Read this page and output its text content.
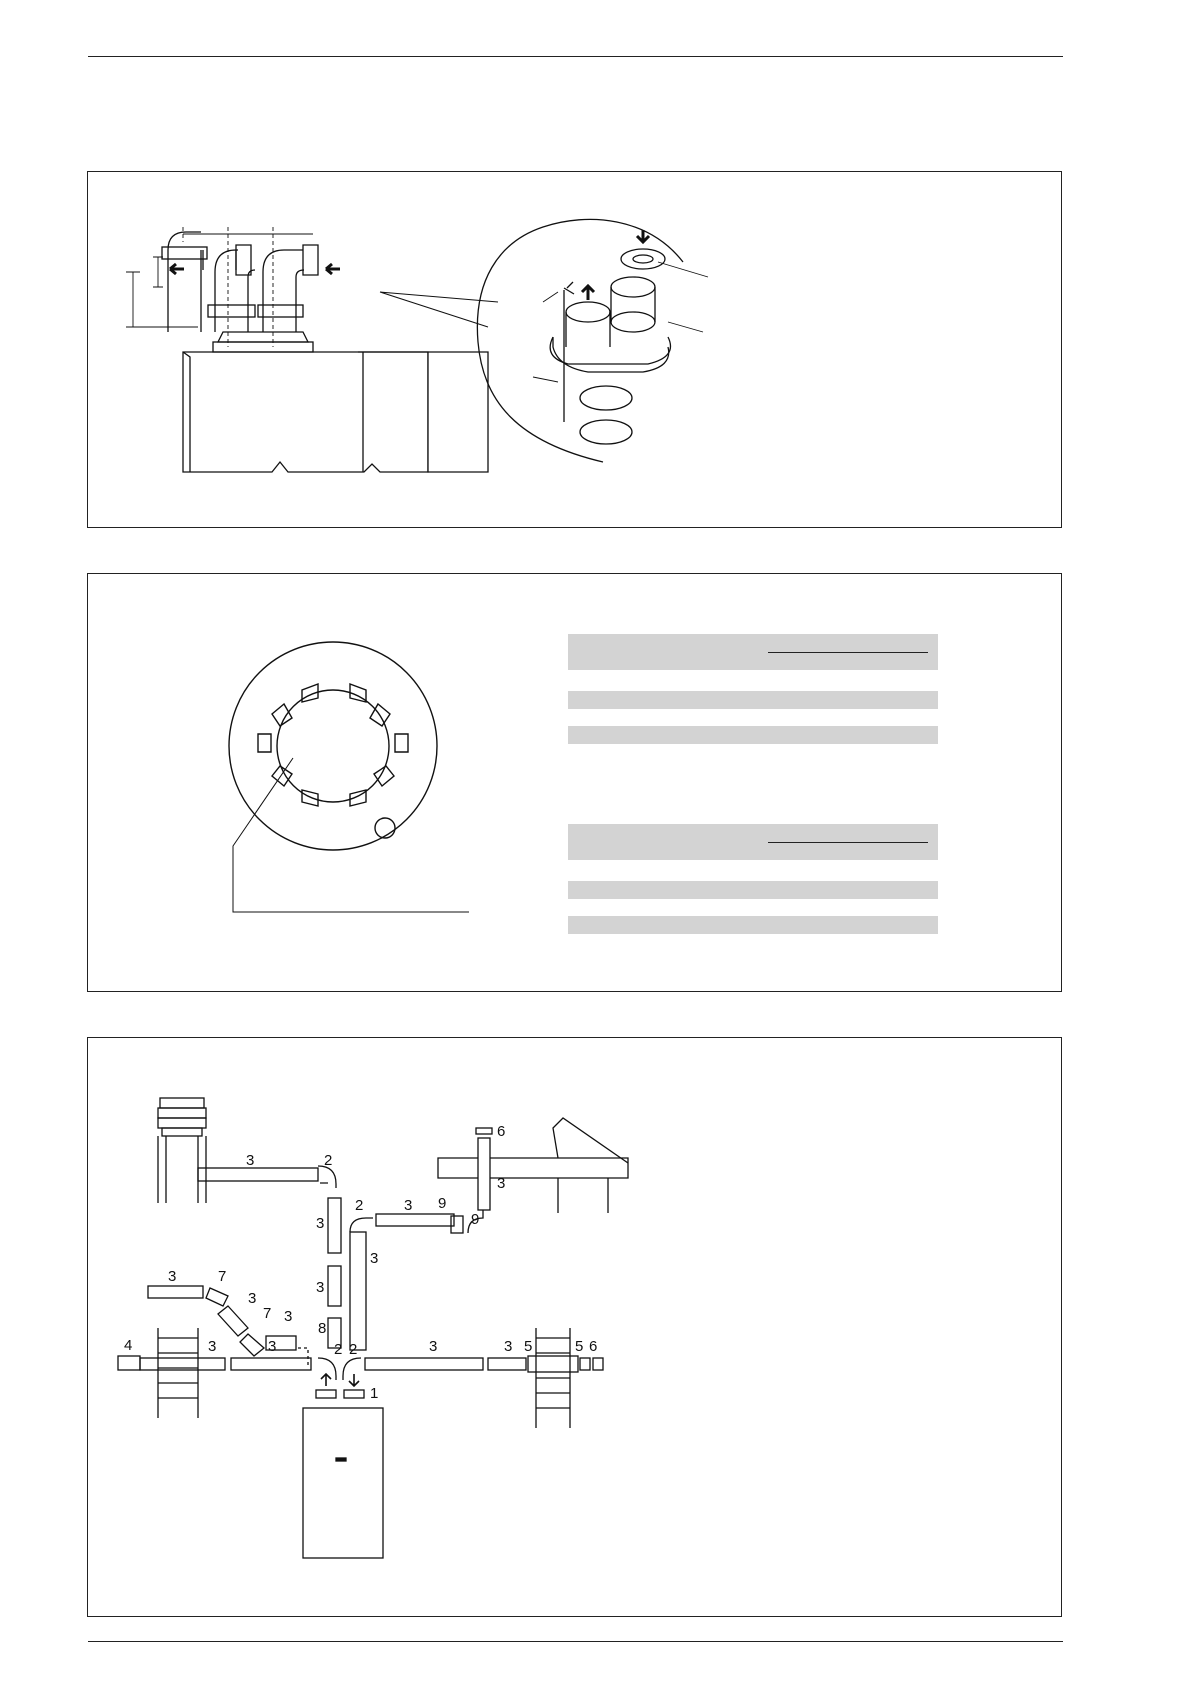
6
3
9
9
3	2
3
2	3
3
3
3	7
3
7 3
8
4	3	3	2 2	3	3 5	5 6
1
